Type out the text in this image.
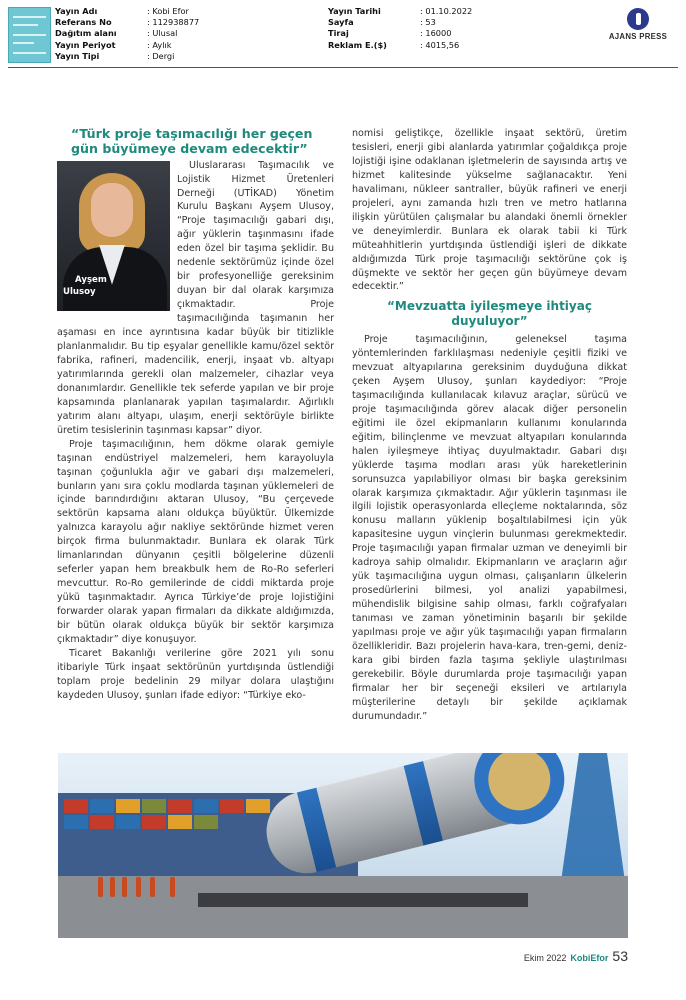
Yayın Adı	: Kobi Efor
Referans No	: 112938877
Dağıtım alanı	: Ulusal
Yayın Periyot	: Aylık
Yayın Tipi	: Dergi
Yayın Tarihi	: 01.10.2022
Sayfa	: 53
Tiraj	: 16000
Reklam E.($)	: 4015,56
AJANS PRESS
“Türk proje taşımacılığı her geçen gün büyümeye devam edecektir”

Ayşem
Ulusoy
Uluslararası Taşımacılık ve Lojistik Hizmet Üretenleri Derneği (UTİKAD) Yönetim Kurulu Başkanı Ayşem Ulusoy, “Proje taşımacılığı gabari dışı, ağır yüklerin taşınmasını ifade eden özel bir taşıma şeklidir. Bu nedenle sektörümüz içinde özel bir profesyonelliğe gereksinim duyan bir dal olarak karşımıza çıkmaktadır. Proje taşımacılığında taşımanın her aşaması en ince ayrıntısına kadar büyük bir titizlikle planlanmalıdır. Bu tip eşyalar genellikle kamu/özel sektör fabrika, rafineri, madencilik, enerji, inşaat vb. altyapı yatırımlarında gerekli olan malzemeler, cihazlar veya donanımlardır. Genellikle tek seferde yapılan ve bir proje kapsamında planlanarak yapılan taşımalardır. Ağırlıklı yatırım alanı altyapı, ulaşım, enerji sektörüyle birlikte üretim tesislerinin taşınması kapsar” diyor.

Proje taşımacılığının, hem dökme olarak gemiyle taşınan endüstriyel malzemeleri, hem karayoluyla taşınan çoğunlukla ağır ve gabari dışı malzemeleri, bunların yanı sıra çoklu modlarda taşınan yüklemeleri de içinde barındırdığını aktaran Ulusoy, “Bu çerçevede sektörün kapsama alanı oldukça büyüktür. Ülkemizde yalnızca karayolu ağır nakliye sektöründe hizmet veren birçok firma bulunmaktadır. Bunlara ek olarak Türk limanlarından dünyanın çeşitli bölgelerine düzenli seferler yapan hem breakbulk hem de Ro-Ro seferleri mevcuttur. Ro-Ro gemilerinde de ciddi miktarda proje yükü taşınmaktadır. Ayrıca Türkiye’de proje lojistiğini forwarder olarak yapan firmaları da dikkate aldığımızda, bir bütün olarak oldukça büyük bir sektör karşımıza çıkmaktadır” diye konuşuyor.

Ticaret Bakanlığı verilerine göre 2021 yılı sonu itibariyle Türk inşaat sektörünün yurtdışında üstlendiği toplam proje bedelinin 29 milyar dolara ulaştığını kaydeden Ulusoy, şunları ifade ediyor: “Türkiye eko-

nomisi geliştikçe, özellikle inşaat sektörü, üretim tesisleri, enerji gibi alanlarda yatırımlar çoğaldıkça proje lojistiği işine odaklanan işletmelerin de sayısında artış ve hizmet kalitesinde yükselme sağlanacaktır. Yeni havalimanı, nükleer santraller, büyük rafineri ve enerji projeleri, aynı zamanda hızlı tren ve metro hatlarına ilişkin yürütülen çalışmalar bu alandaki önemli örnekler ve deneyimlerdir. Bunlara ek olarak tabii ki Türk müteahhitlerin yurtdışında üstlendiği işleri de dikkate aldığımızda Türk proje taşımacılığı sektörüne çok iş düşmekte ve sektör her geçen gün büyümeye devam edecektir.”

“Mevzuatta iyileşmeye ihtiyaç duyuluyor”

Proje taşımacılığının, geleneksel taşıma yöntemlerinden farklılaşması nedeniyle çeşitli fiziki ve mevzuat altyapılarına gereksinim duyduğuna dikkat çeken Ayşem Ulusoy, şunları kaydediyor: “Proje taşımacılığında kullanılacak kılavuz araçlar, sürücü ve proje taşımacılığında görev alacak diğer personelin eğitimi ile özel ekipmanların kullanımı konularında eğitim, bilinçlenme ve mevzuat altyapıları konularında halen iyileşmeye ihtiyaç duyulmaktadır. Gabari dışı yüklerde taşıma modları arası yük hareketlerinin sorunsuzca yapılabiliyor olması bir başka gereksinim olarak karşımıza çıkmaktadır. Ağır yüklerin taşınması ile ilgili lojistik operasyonlarda elleçleme noktalarında, söz konusu malların yüklenip boşaltılabilmesi için yük kapasitesine uygun vinçlerin bulunması gerekmektedir. Proje taşımacılığı yapan firmalar uzman ve deneyimli bir kadroya sahip olmalıdır. Ekipmanların ve araçların ağır yük taşımacılığına uygun olması, çalışanların ülkelerin prosedürlerini bilmesi, yol analizi yapabilmesi, mühendislik bilgisine sahip olması, farklı coğrafyaları tanıması ve zaman yönetiminin başarılı bir şekilde yapılması proje ve ağır yük taşımacılığı yapan firmaların özellikleridir. Bazı projelerin hava-kara, tren-gemi, deniz-kara gibi birden fazla taşıma şekliyle ulaştırılması gerekebilir. Böyle durumlarda proje taşımacılığı yapan firmalar her bir seçeneği eksileri ve artılarıyla müşterilerine detaylı bir şekilde açıklamak durumundadır.”

Ekim 2022 KobiEfor 53
